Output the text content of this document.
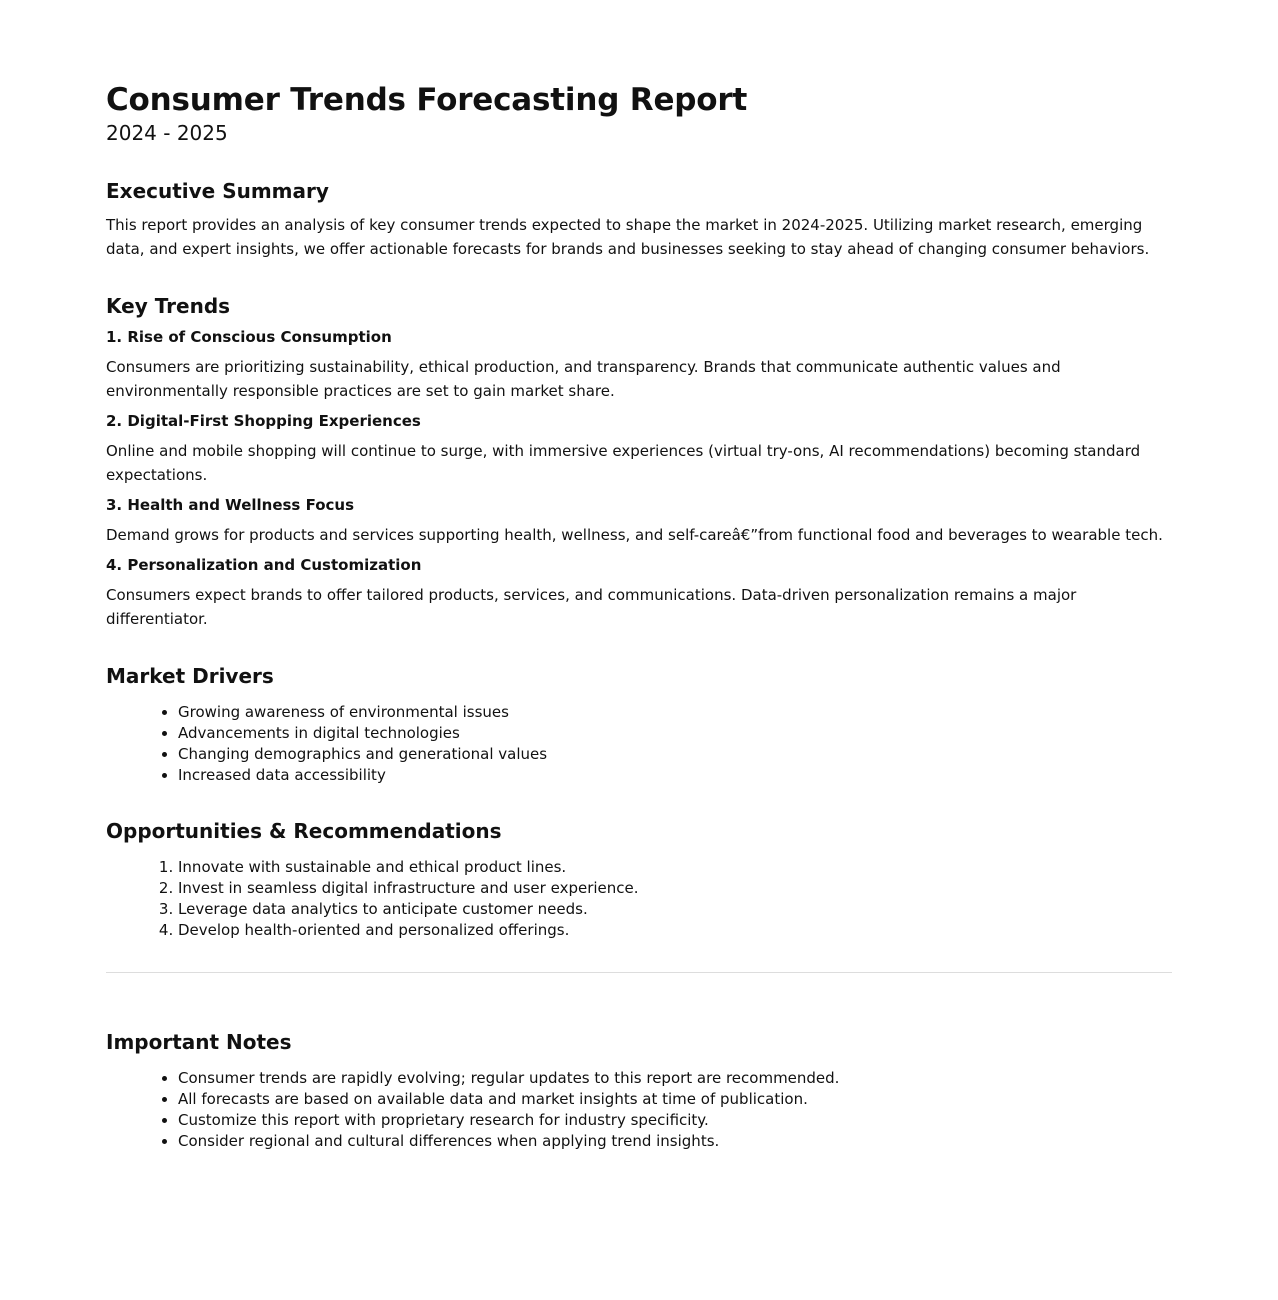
Consumer Trends Forecasting Report
2024 - 2025
Executive Summary

This report provides an analysis of key consumer trends expected to shape the market in 2024-2025. Utilizing market research, emerging data, and expert insights, we offer actionable forecasts for brands and businesses seeking to stay ahead of changing consumer behaviors.

Key Trends
1. Rise of Conscious Consumption

Consumers are prioritizing sustainability, ethical production, and transparency. Brands that communicate authentic values and environmentally responsible practices are set to gain market share.

2. Digital-First Shopping Experiences

Online and mobile shopping will continue to surge, with immersive experiences (virtual try-ons, AI recommendations) becoming standard expectations.

3. Health and Wellness Focus

Demand grows for products and services supporting health, wellness, and self-careâ€”from functional food and beverages to wearable tech.

4. Personalization and Customization

Consumers expect brands to offer tailored products, services, and communications. Data-driven personalization remains a major differentiator.

Market Drivers
• Growing awareness of environmental issues
• Advancements in digital technologies
• Changing demographics and generational values
• Increased data accessibility
Opportunities & Recommendations
1. Innovate with sustainable and ethical product lines.
2. Invest in seamless digital infrastructure and user experience.
3. Leverage data analytics to anticipate customer needs.
4. Develop health-oriented and personalized offerings.
Important Notes
• Consumer trends are rapidly evolving; regular updates to this report are recommended.
• All forecasts are based on available data and market insights at time of publication.
• Customize this report with proprietary research for industry specificity.
• Consider regional and cultural differences when applying trend insights.
